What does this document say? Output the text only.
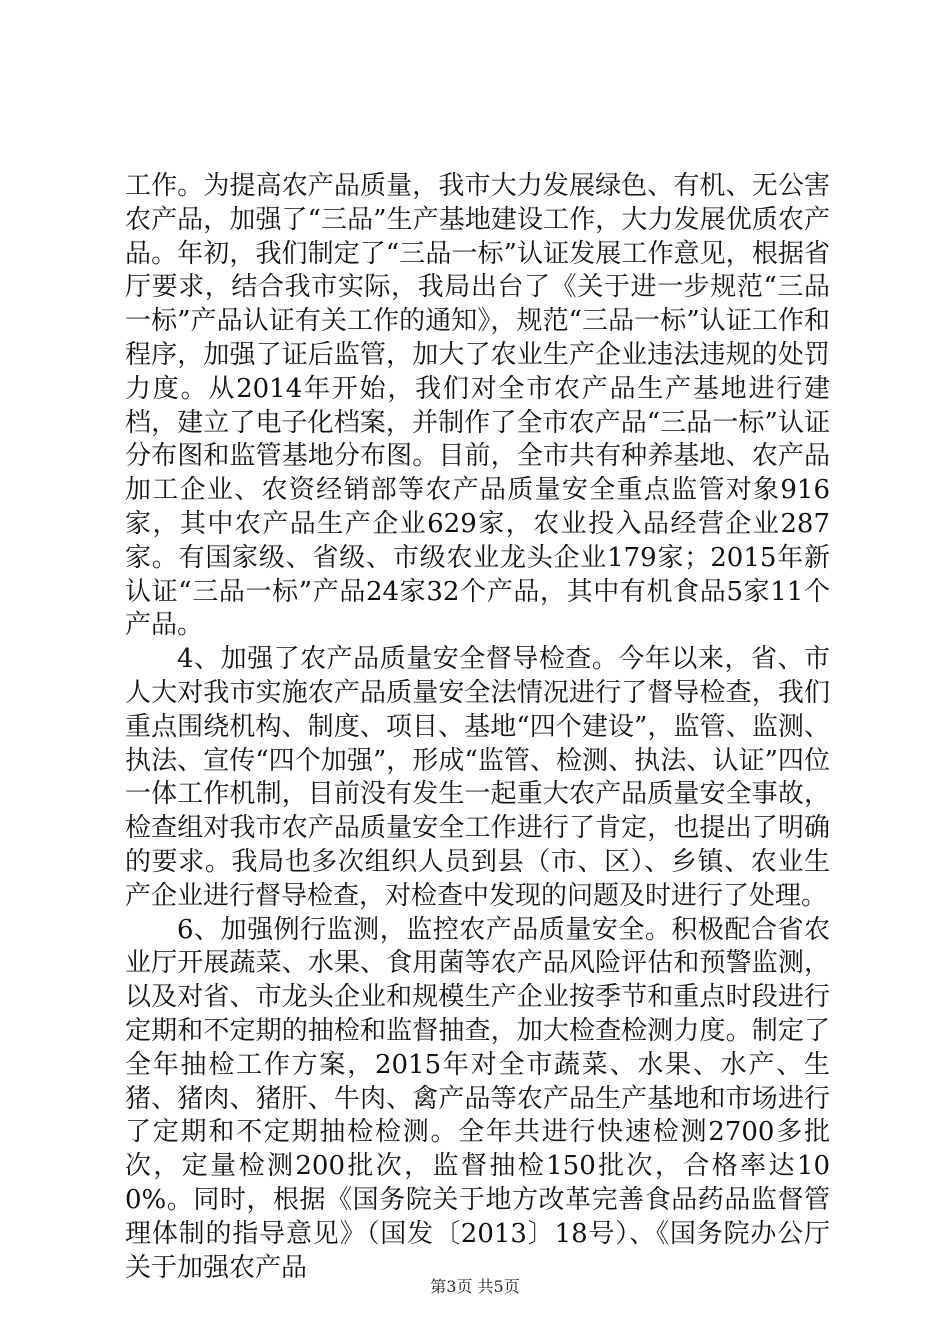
工作。为提高农产品质量，我市大力发展绿色、有机、无公害农产品，加强了“三品”生产基地建设工作，大力发展优质农产品。年初，我们制定了“三品一标”认证发展工作意见，根据省厅要求，结合我市实际，我局出台了《关于进一步规范“三品一标”产品认证有关工作的通知》，规范“三品一标”认证工作和程序，加强了证后监管，加大了农业生产企业违法违规的处罚力度。从2014年开始，我们对全市农产品生产基地进行建档，建立了电子化档案，并制作了全市农产品“三品一标”认证分布图和监管基地分布图。目前，全市共有种养基地、农产品加工企业、农资经销部等农产品质量安全重点监管对象916家，其中农产品生产企业629家，农业投入品经营企业287家。有国家级、省级、市级农业龙头企业179家；2015年新认证“三品一标”产品24家32个产品，其中有机食品5家11个产品。

4、加强了农产品质量安全督导检查。今年以来，省、市人大对我市实施农产品质量安全法情况进行了督导检查，我们重点围绕机构、制度、项目、基地“四个建设”，监管、监测、执法、宣传“四个加强”，形成“监管、检测、执法、认证”四位一体工作机制，目前没有发生一起重大农产品质量安全事故，检查组对我市农产品质量安全工作进行了肯定，也提出了明确的要求。我局也多次组织人员到县（市、区）、乡镇、农业生产企业进行督导检查，对检查中发现的问题及时进行了处理。

6、加强例行监测，监控农产品质量安全。积极配合省农业厅开展蔬菜、水果、食用菌等农产品风险评估和预警监测，以及对省、市龙头企业和规模生产企业按季节和重点时段进行定期和不定期的抽检和监督抽查，加大检查检测力度。制定了全年抽检工作方案，2015年对全市蔬菜、水果、水产、生猪、猪肉、猪肝、牛肉、禽产品等农产品生产基地和市场进行了定期和不定期抽检检测。全年共进行快速检测2700多批次，定量检测200批次，监督抽检150批次，合格率达100%。同时，根据《国务院关于地方改革完善食品药品监督管理体制的指导意见》（国发〔2013〕18号）、《国务院办公厅关于加强农产品

第3页 共5页
